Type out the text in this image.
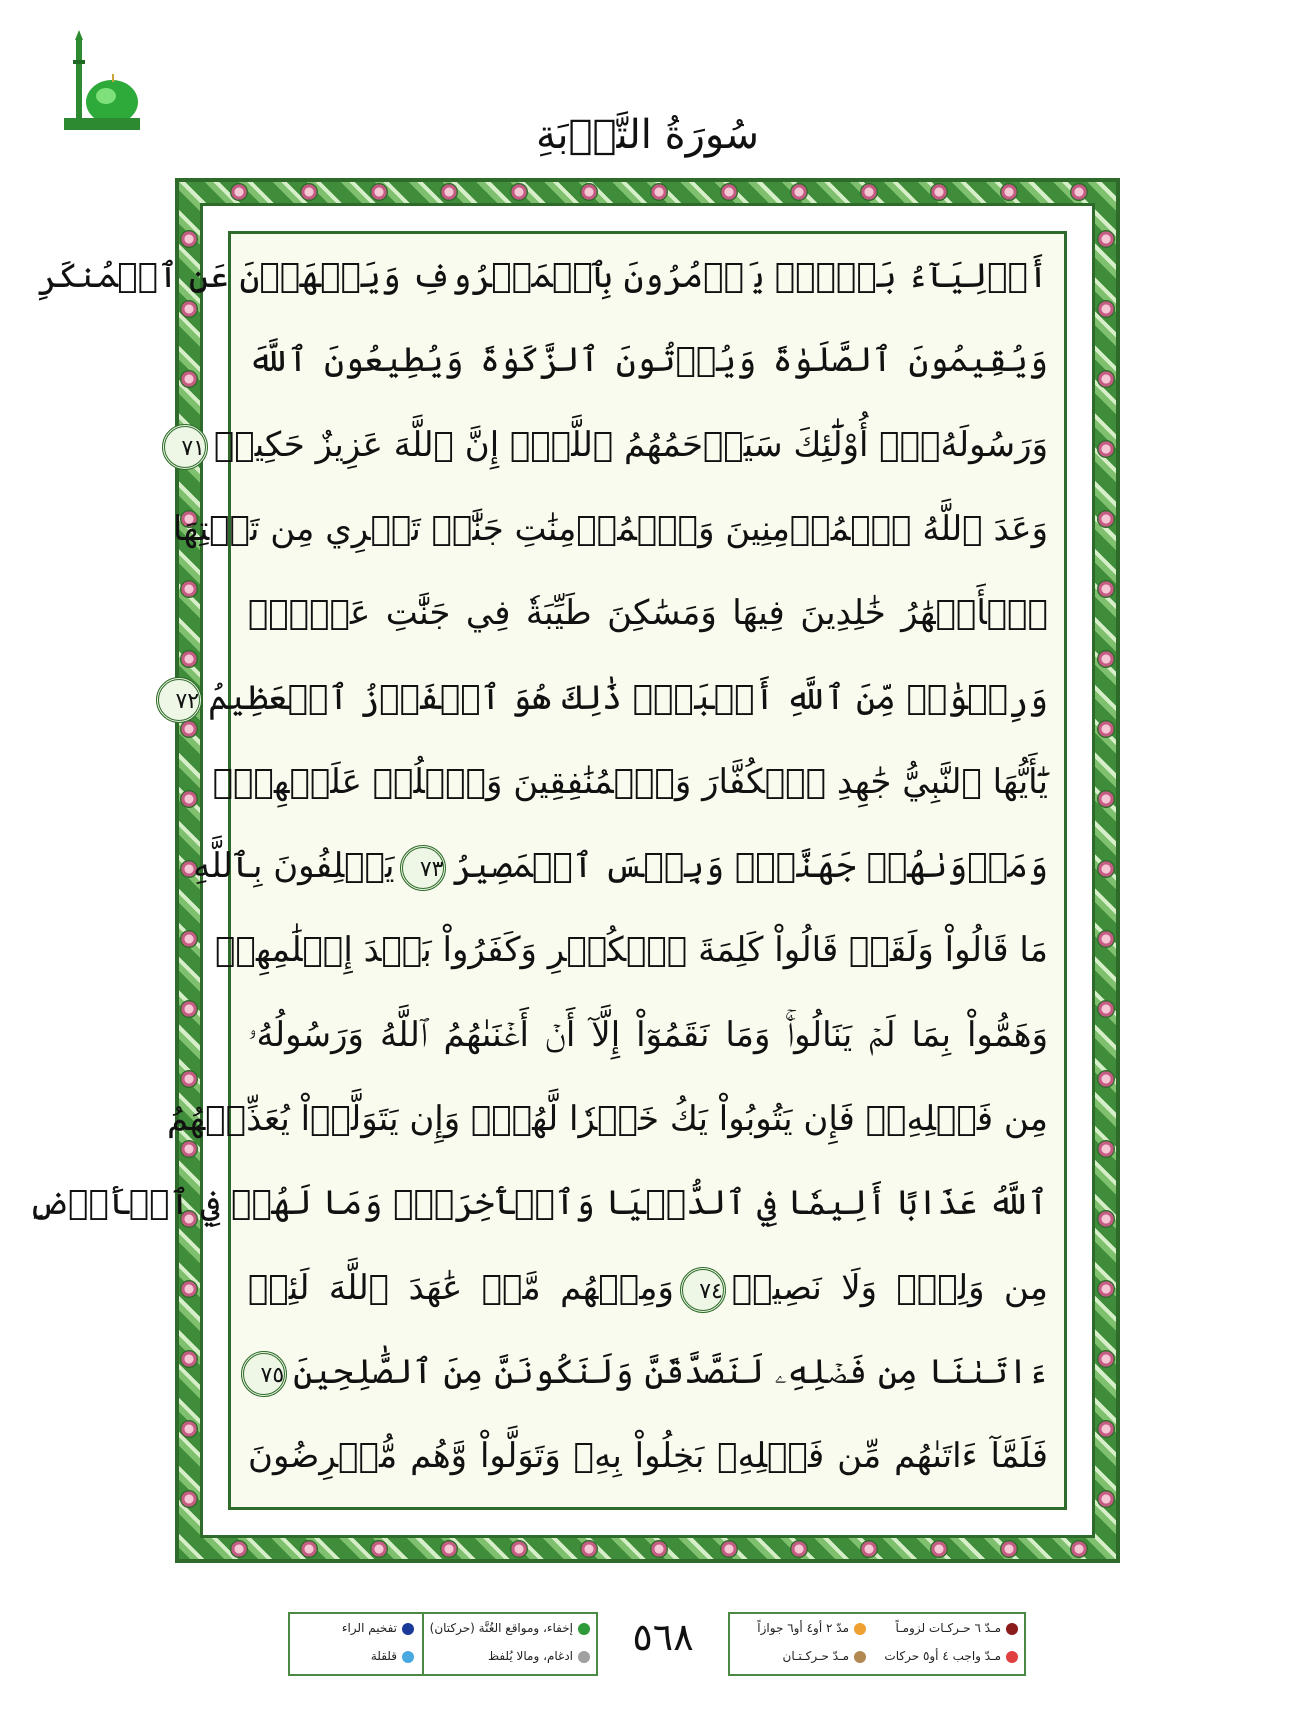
سُورَةُ التَّوۡبَةِ
أَوۡلِيَآءُ بَعۡضٖۚ يَأۡمُرُونَ بِٱلۡمَعۡرُوفِ وَيَنۡهَوۡنَ عَنِ ٱلۡمُنكَرِ
وَيُقِيمُونَ ٱلصَّلَوٰةَ وَيُؤۡتُونَ ٱلزَّكَوٰةَ وَيُطِيعُونَ ٱللَّهَ
وَرَسُولَهُۥٓۚ أُوْلَٰٓئِكَ سَيَرۡحَمُهُمُ ٱللَّهُۗ إِنَّ ٱللَّهَ عَزِيزٌ حَكِيمٞ٧١
وَعَدَ ٱللَّهُ ٱلۡمُؤۡمِنِينَ وَٱلۡمُؤۡمِنَٰتِ جَنَّٰتٖ تَجۡرِي مِن تَحۡتِهَا
ٱلۡأَنۡهَٰرُ خَٰلِدِينَ فِيهَا وَمَسَٰكِنَ طَيِّبَةٗ فِي جَنَّٰتِ عَدۡنٖۚ
وَرِضۡوَٰنٞ مِّنَ ٱللَّهِ أَكۡبَرُۚ ذَٰلِكَ هُوَ ٱلۡفَوۡزُ ٱلۡعَظِيمُ٧٢
يَٰٓأَيُّهَا ٱلنَّبِيُّ جَٰهِدِ ٱلۡكُفَّارَ وَٱلۡمُنَٰفِقِينَ وَٱغۡلُظۡ عَلَيۡهِمۡۚ
وَمَأۡوَىٰهُمۡ جَهَنَّمُۖ وَبِئۡسَ ٱلۡمَصِيرُ٧٣يَحۡلِفُونَ بِٱللَّهِ
مَا قَالُواْ وَلَقَدۡ قَالُواْ كَلِمَةَ ٱلۡكُفۡرِ وَكَفَرُواْ بَعۡدَ إِسۡلَٰمِهِمۡ
وَهَمُّواْ بِمَا لَمۡ يَنَالُواْۚ وَمَا نَقَمُوٓاْ إِلَّآ أَنۡ أَغۡنَىٰهُمُ ٱللَّهُ وَرَسُولُهُۥ
مِن فَضۡلِهِۦۚ فَإِن يَتُوبُواْ يَكُ خَيۡرٗا لَّهُمۡۖ وَإِن يَتَوَلَّوۡاْ يُعَذِّبۡهُمُ
ٱللَّهُ عَذَابًا أَلِيمٗا فِي ٱلدُّنۡيَا وَٱلۡأٓخِرَةِۚ وَمَا لَهُمۡ فِي ٱلۡأَرۡضِ
مِن وَلِيّٖ وَلَا نَصِيرٖ٧٤وَمِنۡهُم مَّنۡ عَٰهَدَ ٱللَّهَ لَئِنۡ
ءَاتَىٰنَا مِن فَضۡلِهِۦ لَنَصَّدَّقَنَّ وَلَنَكُونَنَّ مِنَ ٱلصَّٰلِحِينَ٧٥
فَلَمَّآ ءَاتَىٰهُم مِّن فَضۡلِهِۦ بَخِلُواْ بِهِۦ وَتَوَلَّواْ وَّهُم مُّعۡرِضُونَ
إخفاء، ومواقع الغُنَّة (حركتان)
ادغام، ومالا يُلفظ
تفخيم الراء
قلقلة	٥٦٨	مـدّ ٦ حـركـات لزومـاً
مـدّ واجب ٤ أو٥ حركات
مدّ ٢ أو٤ أو٦ جوازاً
مـدّ حـركـتـان
